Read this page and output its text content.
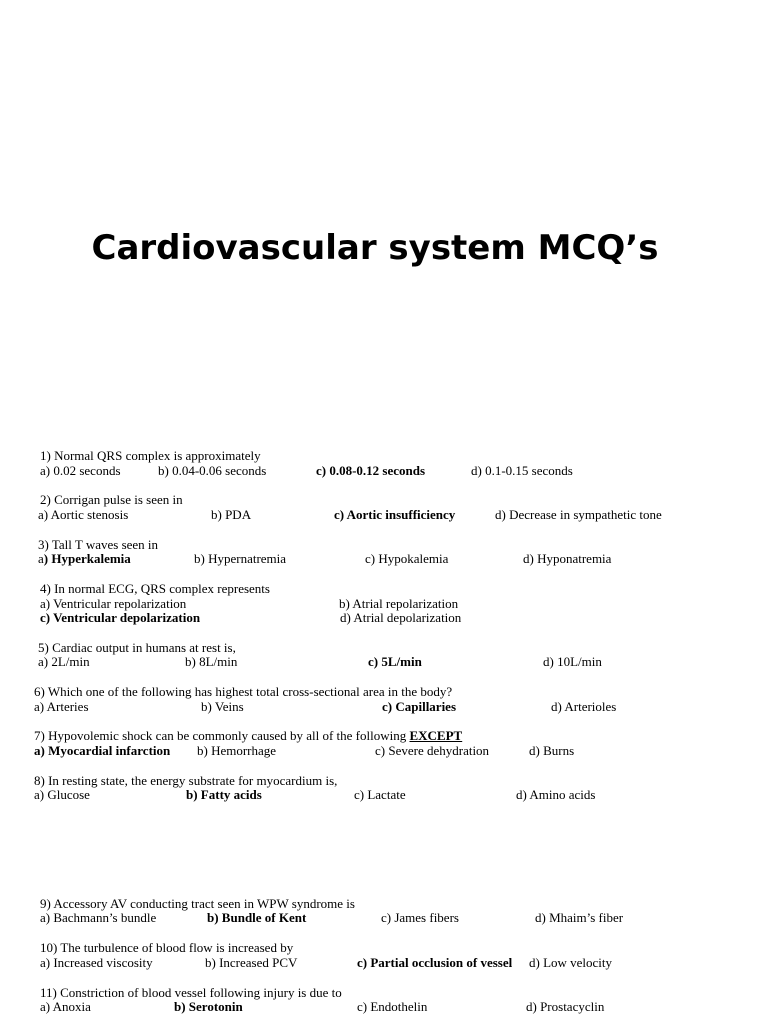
Cardiovascular system MCQ’s
1) Normal QRS complex is approximately
a) 0.02 seconds	b) 0.04-0.06 seconds	c) 0.08-0.12 seconds	d) 0.1-0.15 seconds
2) Corrigan pulse is seen in
a) Aortic stenosis	b) PDA	c) Aortic insufficiency	d) Decrease in sympathetic tone
3) Tall T waves seen in
a) Hyperkalemia	b) Hypernatremia	c) Hypokalemia	d) Hyponatremia
4) In normal ECG, QRS complex represents
a) Ventricular repolarization	b) Atrial repolarization
c) Ventricular depolarization	d) Atrial depolarization
5) Cardiac output in humans at rest is,
a) 2L/min	b) 8L/min	c) 5L/min	d) 10L/min
6) Which one of the following has highest total cross-sectional area in the body?
a) Arteries	b) Veins	c) Capillaries	d) Arterioles
7) Hypovolemic shock can be commonly caused by all of the following EXCEPT
a) Myocardial infarction b) Hemorrhage	c) Severe dehydration	d) Burns
8) In resting state, the energy substrate for myocardium is,
a) Glucose	b) Fatty acids	c) Lactate	d) Amino acids
9) Accessory AV conducting tract seen in WPW syndrome is
a) Bachmann’s bundle	b) Bundle of Kent	c) James fibers	d) Mhaim’s fiber
10) The turbulence of blood flow is increased by
a) Increased viscosity	b) Increased PCV	c) Partial occlusion of vessel d) Low velocity
11) Constriction of blood vessel following injury is due to
a) Anoxia	b) Serotonin	c) Endothelin	d) Prostacyclin
